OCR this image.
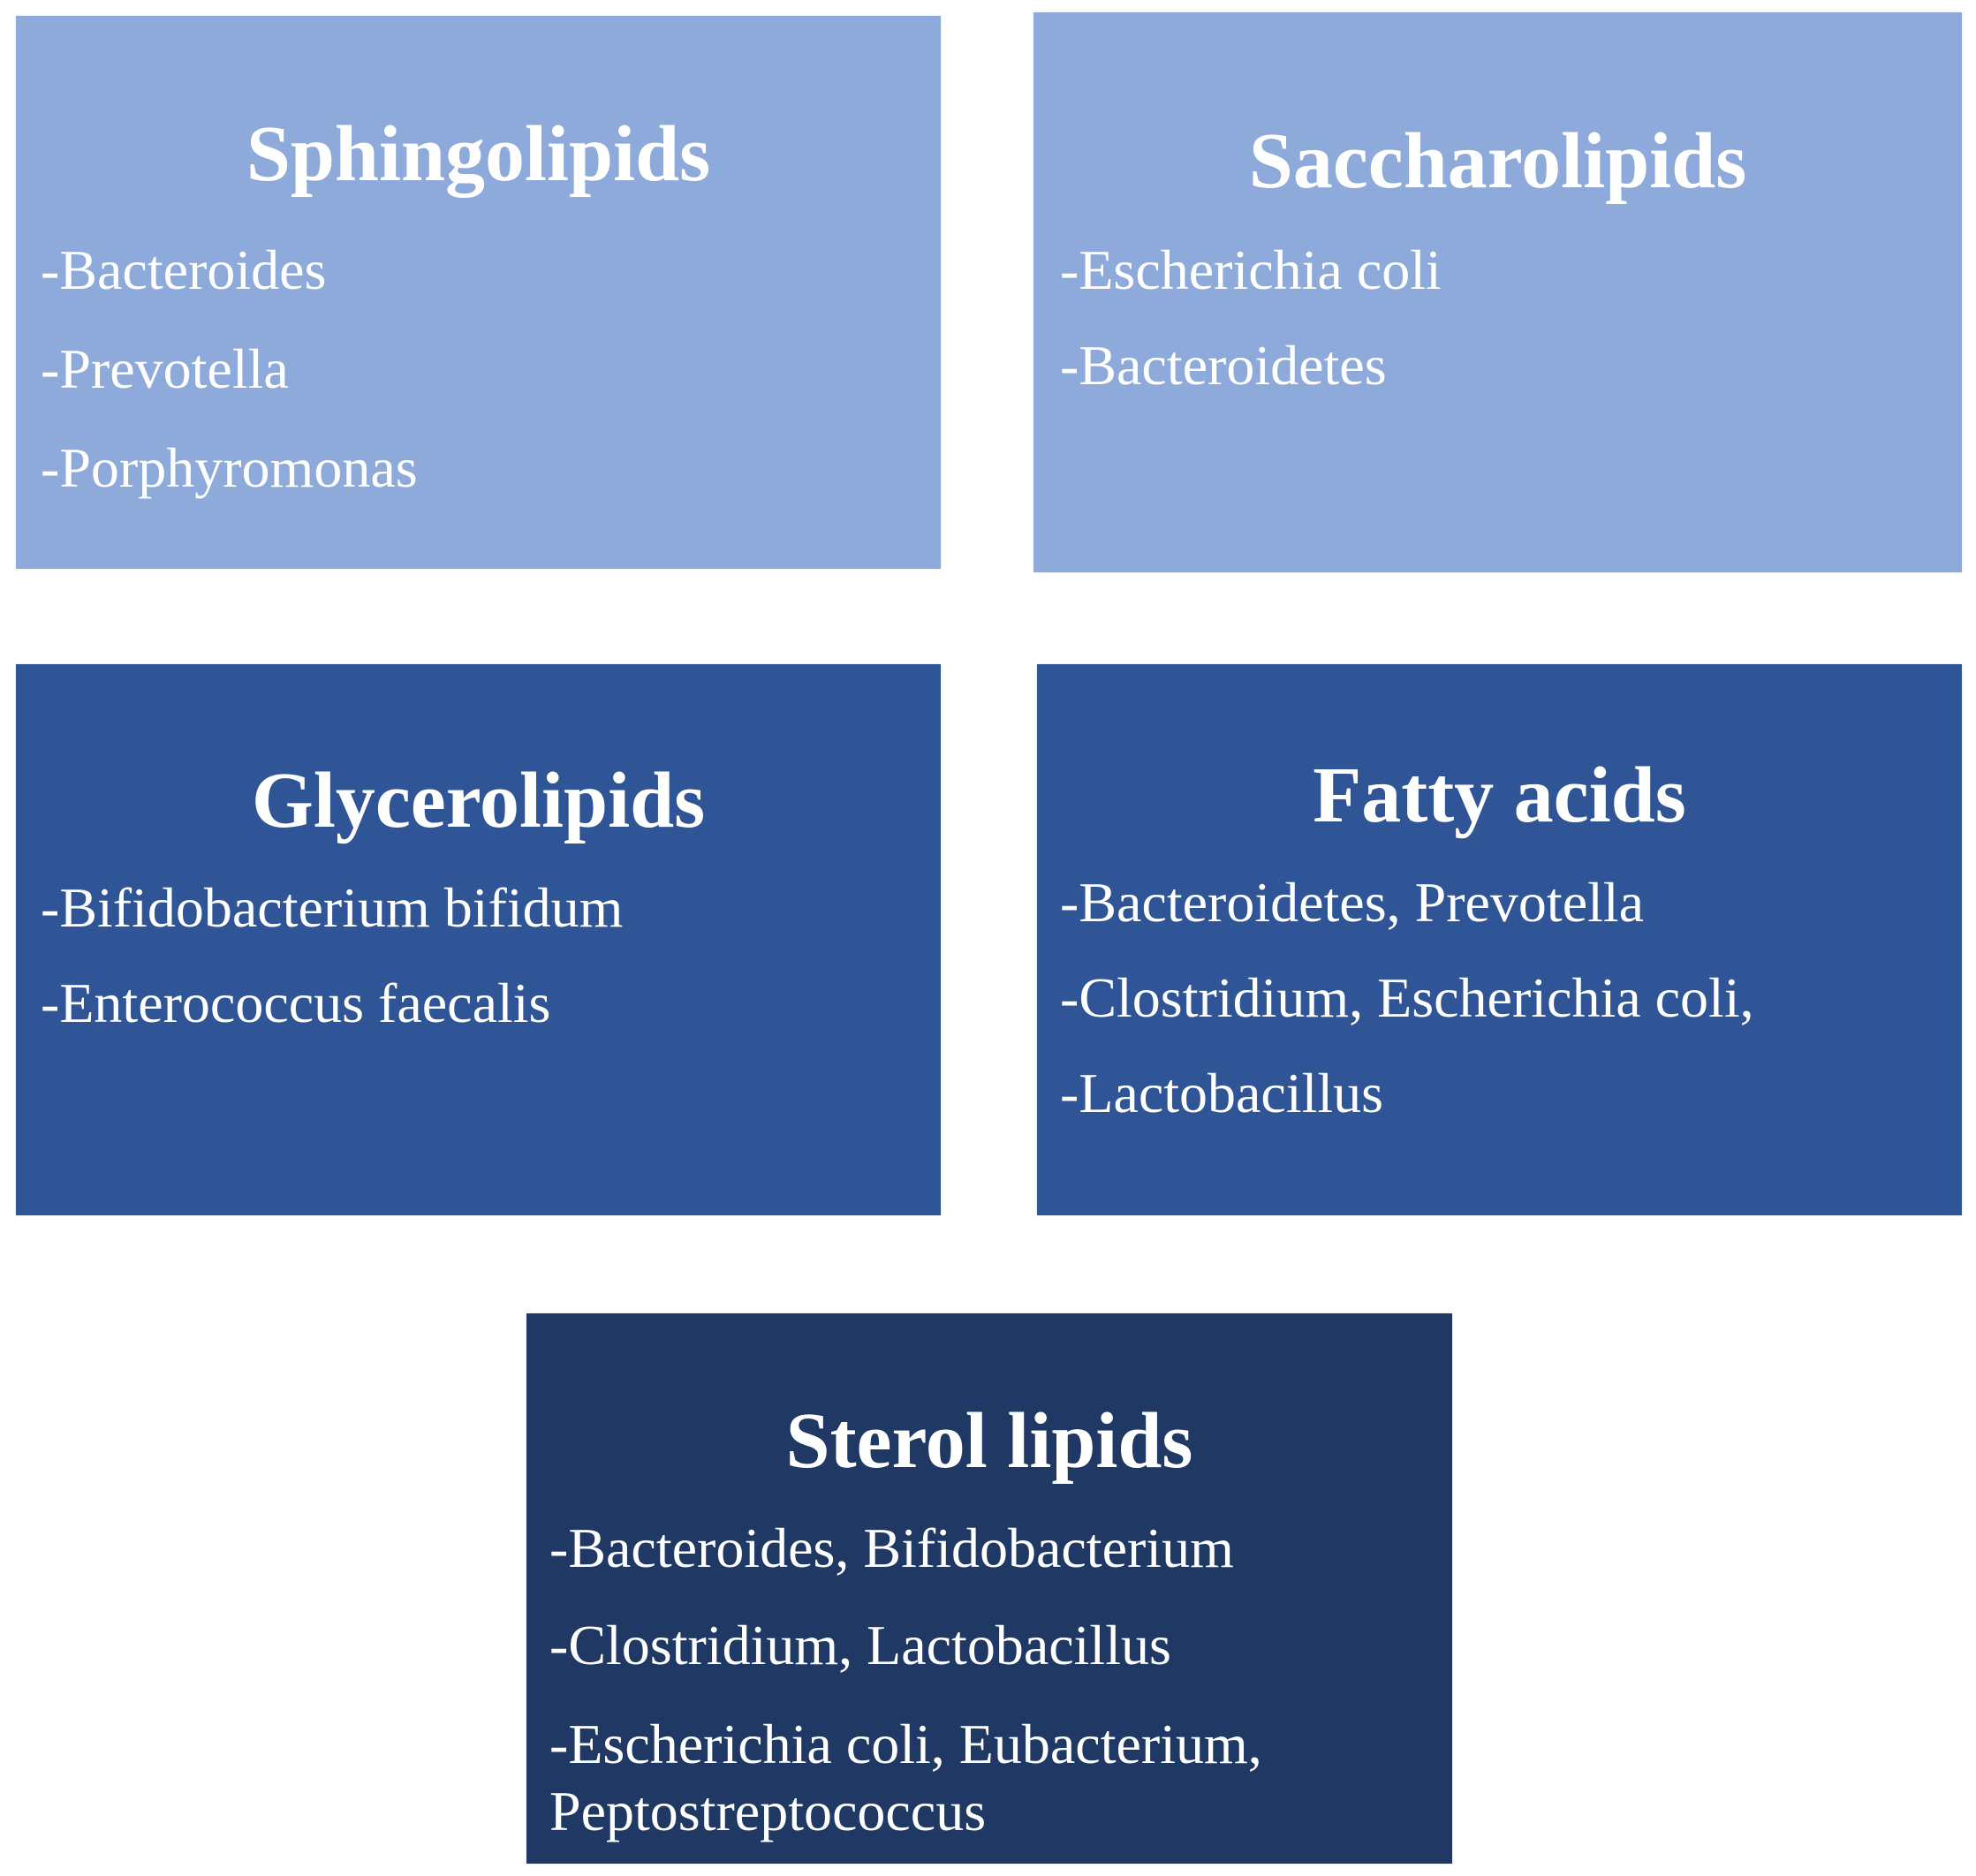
Sphingolipids
-Bacteroides
-Prevotella
-Porphyromonas
Saccharolipids
-Escherichia coli
-Bacteroidetes
Glycerolipids
-Bifidobacterium bifidum
-Enterococcus faecalis
Fatty acids
-Bacteroidetes, Prevotella
-Clostridium, Escherichia coli,
-Lactobacillus
Sterol lipids
-Bacteroides, Bifidobacterium
-Clostridium, Lactobacillus
-Escherichia coli, Eubacterium, Peptostreptococcus
